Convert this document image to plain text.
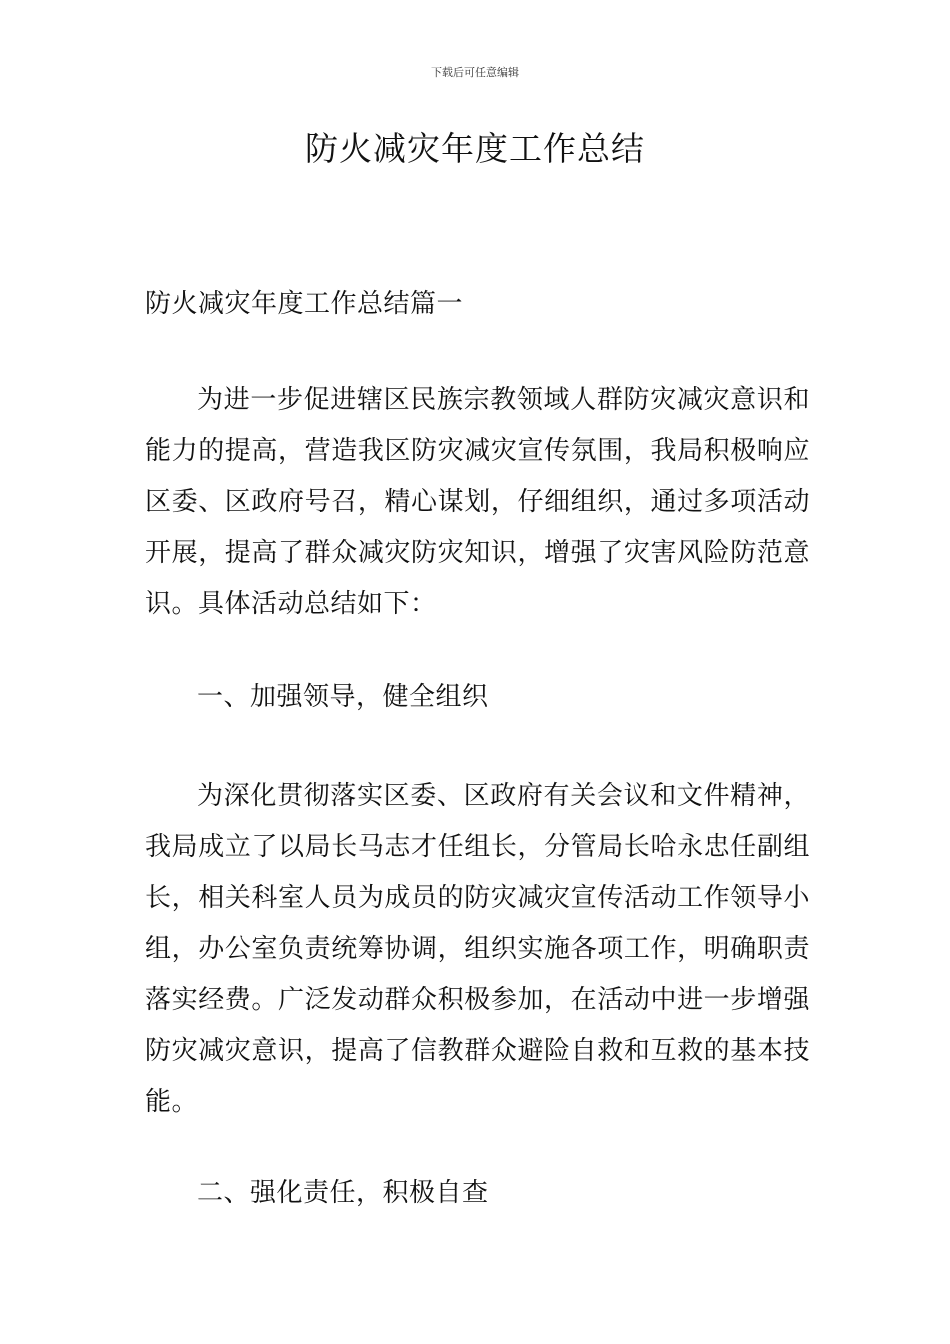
下载后可任意编辑
防火减灾年度工作总结

防火减灾年度工作总结篇一

为进一步促进辖区民族宗教领域人群防灾减灾意识和能力的提高，营造我区防灾减灾宣传氛围，我局积极响应区委、区政府号召，精心谋划，仔细组织，通过多项活动开展，提高了群众减灾防灾知识，增强了灾害风险防范意识。具体活动总结如下：

一、加强领导，健全组织

为深化贯彻落实区委、区政府有关会议和文件精神，我局成立了以局长马志才任组长，分管局长哈永忠任副组长，相关科室人员为成员的防灾减灾宣传活动工作领导小组，办公室负责统筹协调，组织实施各项工作，明确职责落实经费。广泛发动群众积极参加，在活动中进一步增强防灾减灾意识，提高了信教群众避险自救和互救的基本技能。

二、强化责任，积极自查
